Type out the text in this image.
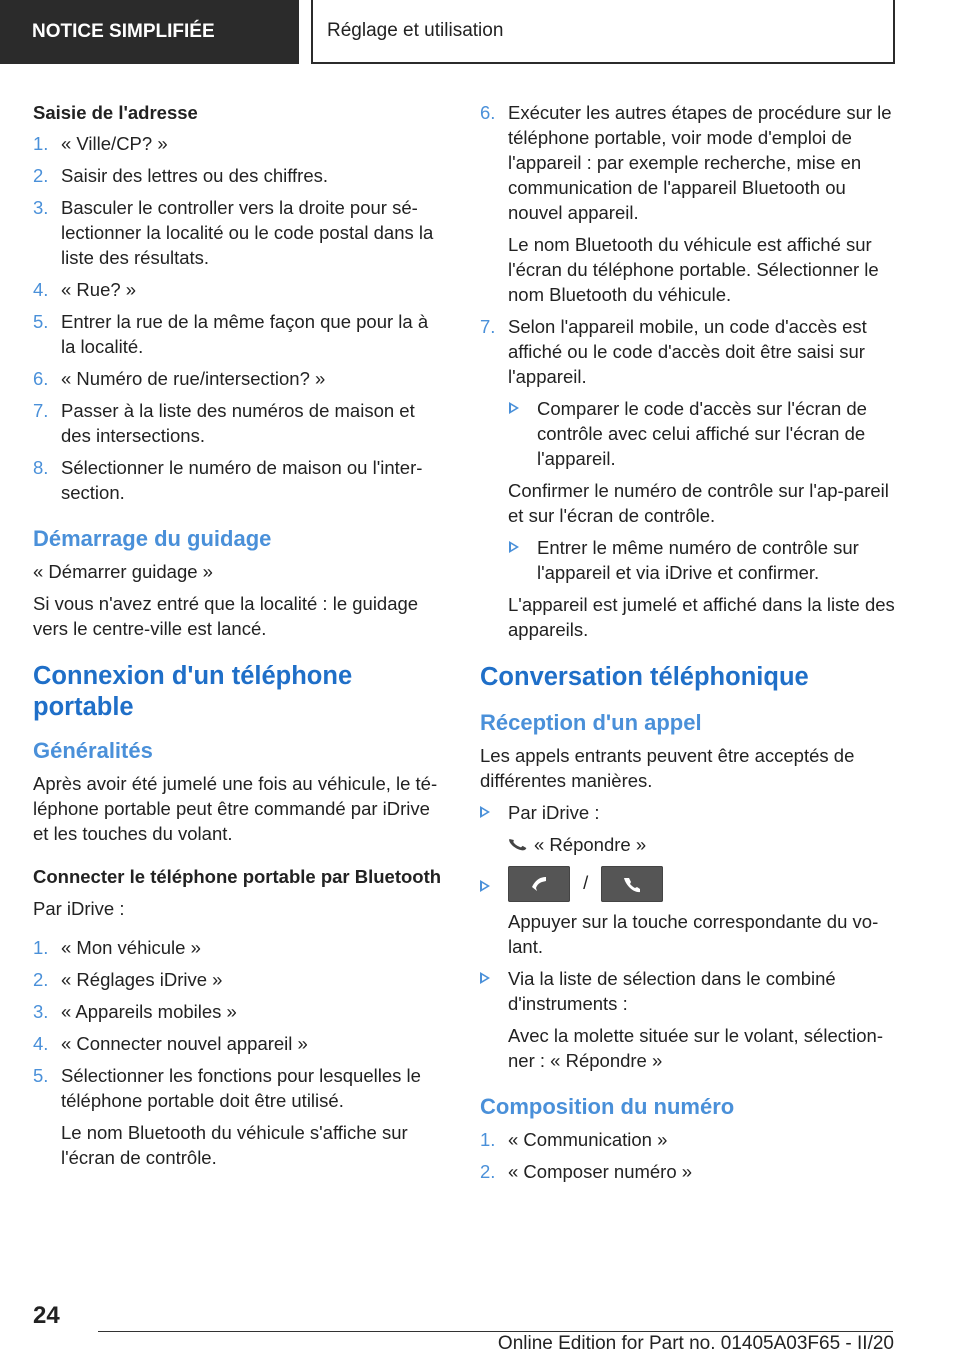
NOTICE SIMPLIFIÉE	Réglage et utilisation
Saisie de l'adresse
1. « Ville/CP? »
2. Saisir des lettres ou des chiffres.
3. Basculer le controller vers la droite pour sé‐lectionner la localité ou le code postal dans la liste des résultats.
4. « Rue? »
5. Entrer la rue de la même façon que pour la à la localité.
6. « Numéro de rue/intersection? »
7. Passer à la liste des numéros de maison et des intersections.
8. Sélectionner le numéro de maison ou l'inter‐section.
Démarrage du guidage
« Démarrer guidage »
Si vous n'avez entré que la localité : le guidage vers le centre-ville est lancé.
Connexion d'un téléphone portable
Généralités
Après avoir été jumelé une fois au véhicule, le té‐léphone portable peut être commandé par iDrive et les touches du volant.
Connecter le téléphone portable par Bluetooth
Par iDrive :
1. « Mon véhicule »
2. « Réglages iDrive »
3. « Appareils mobiles »
4. « Connecter nouvel appareil »
5. Sélectionner les fonctions pour lesquelles le téléphone portable doit être utilisé.
Le nom Bluetooth du véhicule s'affiche sur l'écran de contrôle.
6. Exécuter les autres étapes de procédure sur le téléphone portable, voir mode d'emploi de l'appareil : par exemple recherche, mise en communication de l'appareil Bluetooth ou nouvel appareil.
Le nom Bluetooth du véhicule est affiché sur l'écran du téléphone portable. Sélectionner le nom Bluetooth du véhicule.
7. Selon l'appareil mobile, un code d'accès est affiché ou le code d'accès doit être saisi sur l'appareil.
Comparer le code d'accès sur l'écran de contrôle avec celui affiché sur l'écran de l'appareil.
Confirmer le numéro de contrôle sur l'ap‐pareil et sur l'écran de contrôle.
Entrer le même numéro de contrôle sur l'appareil et via iDrive et confirmer.
L'appareil est jumelé et affiché dans la liste des appareils.
Conversation téléphonique
Réception d'un appel
Les appels entrants peuvent être acceptés de différentes manières.
Par iDrive :
« Répondre »
/
Appuyer sur la touche correspondante du vo‐lant.
Via la liste de sélection dans le combiné d'instruments :
Avec la molette située sur le volant, sélection‐ner : « Répondre »
Composition du numéro
1. « Communication »
2. « Composer numéro »
24
Online Edition for Part no. 01405A03F65 - II/20
